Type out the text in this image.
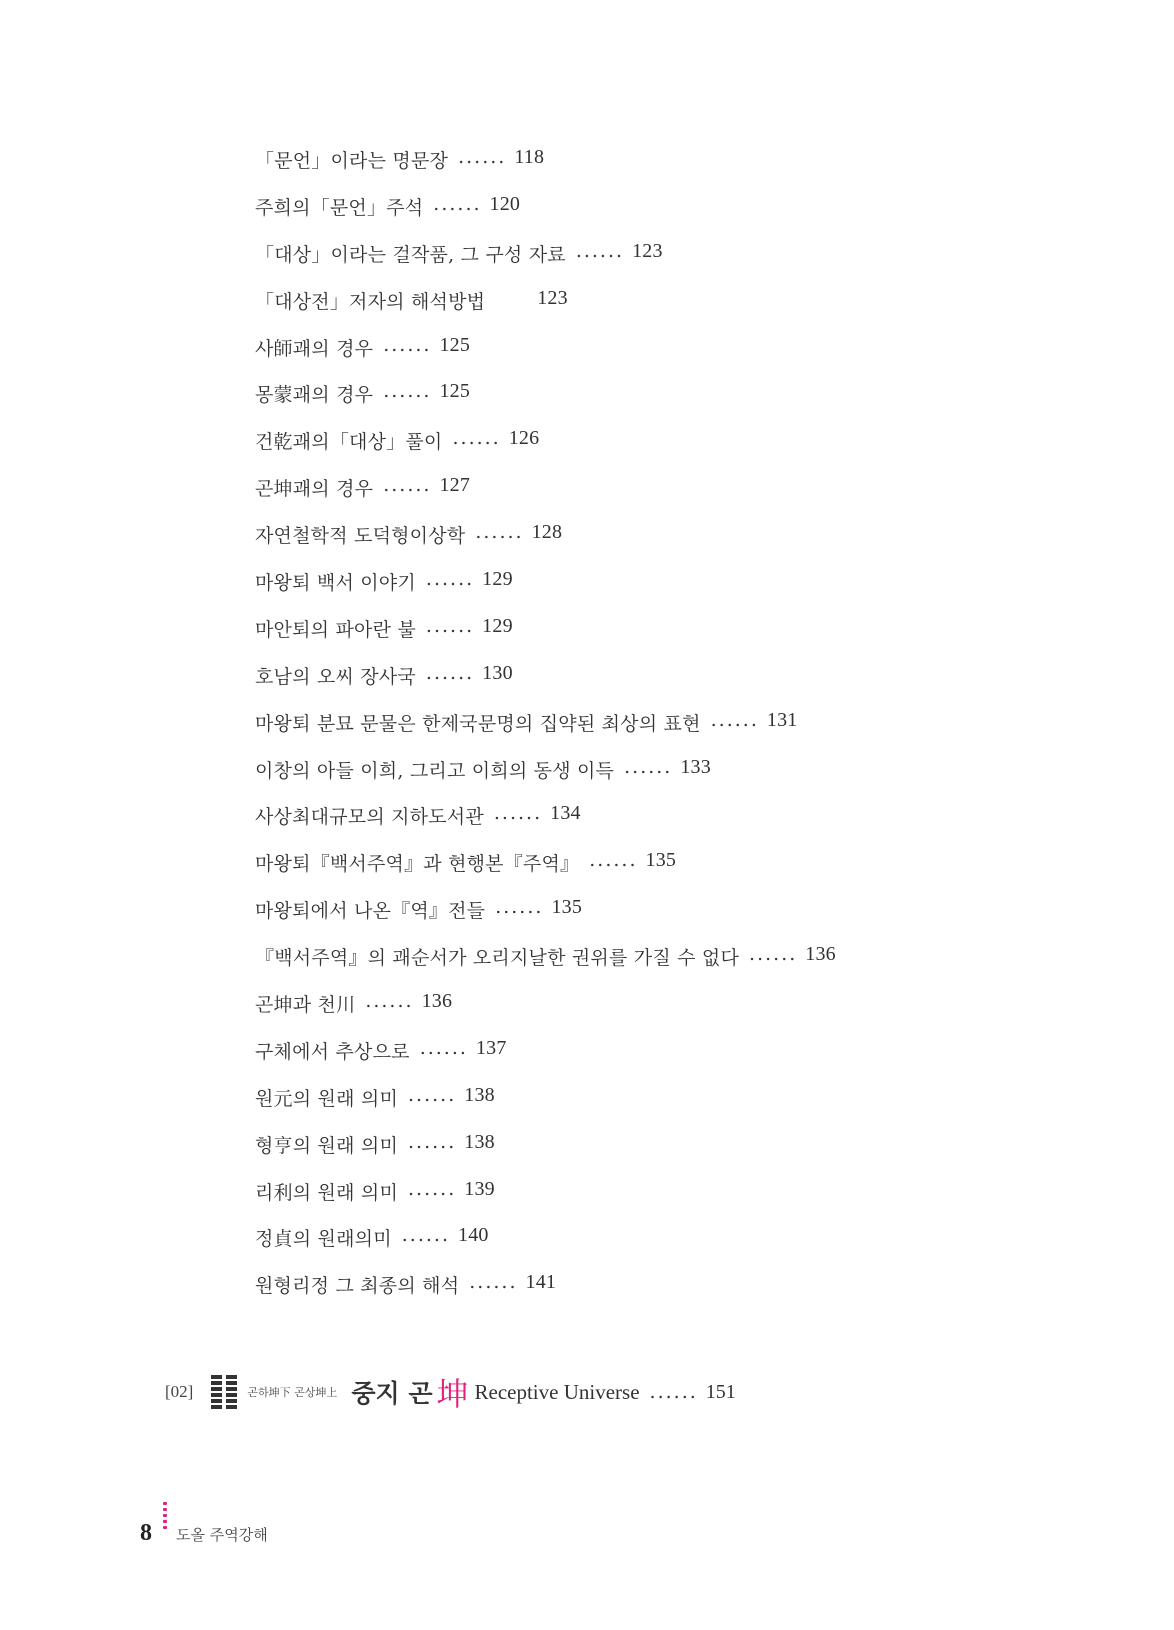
「문언」이라는 명문장 ...... 118
주희의「문언」주석 ...... 120
「대상」이라는 걸작품, 그 구성 자료 ...... 123
「대상전」저자의 해석방법	123
사師괘의 경우 ...... 125
몽蒙괘의 경우 ...... 125
건乾괘의「대상」풀이 ...... 126
곤坤괘의 경우 ...... 127
자연철학적 도덕형이상학 ...... 128
마왕퇴 백서 이야기 ...... 129
마안퇴의 파아란 불 ...... 129
호남의 오씨 장사국 ...... 130
마왕퇴 분묘 문물은 한제국문명의 집약된 최상의 표현 ...... 131
이창의 아들 이희, 그리고 이희의 동생 이득 ...... 133
사상최대규모의 지하도서관 ...... 134
마왕퇴『백서주역』과 현행본『주역』 ...... 135
마왕퇴에서 나온『역』전들 ...... 135
『백서주역』의 괘순서가 오리지날한 권위를 가질 수 없다 ...... 136
곤坤과 천川 ...... 136
구체에서 추상으로 ...... 137
원元의 원래 의미 ...... 138
형亨의 원래 의미 ...... 138
리利의 원래 의미 ...... 139
정貞의 원래의미 ...... 140
원형리정 그 최종의 해석 ...... 141
[02]	곤하坤下 곤상坤上 중지 곤 坤 Receptive Universe ...... 151
8 도올 주역강해
